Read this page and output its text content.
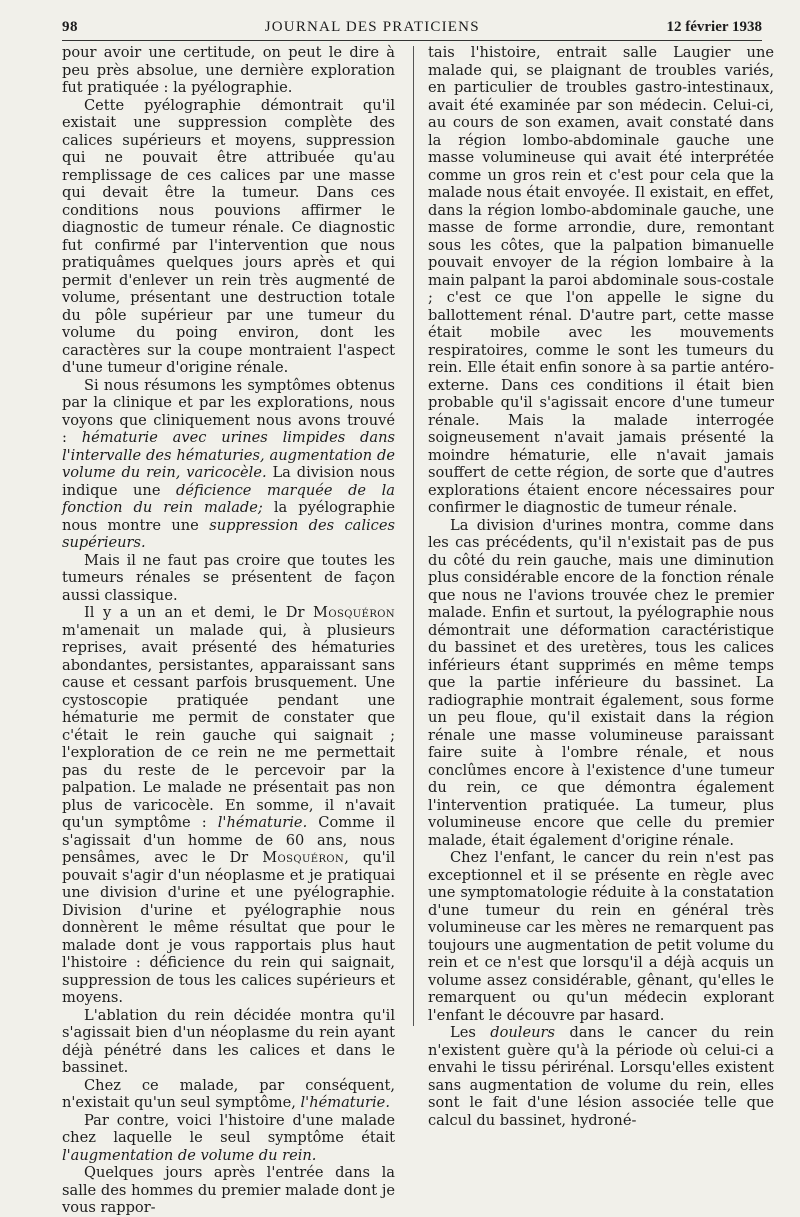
98	JOURNAL DES PRATICIENS	12 février 1938

pour avoir une certitude, on peut le dire à peu près absolue, une dernière exploration fut pratiquée : la pyélographie.

Cette pyélographie démontrait qu'il existait une suppression complète des calices supérieurs et moyens, suppression qui ne pouvait être attribuée qu'au remplissage de ces calices par une masse qui devait être la tumeur. Dans ces conditions nous pouvions affirmer le diagnostic de tumeur rénale. Ce diagnostic fut confirmé par l'intervention que nous pratiquâmes quelques jours après et qui permit d'enlever un rein très augmenté de volume, présentant une destruction totale du pôle supérieur par une tumeur du volume du poing environ, dont les caractères sur la coupe montraient l'aspect d'une tumeur d'origine rénale.

Si nous résumons les symptômes obtenus par la clinique et par les explorations, nous voyons que cliniquement nous avons trouvé : hématurie avec urines limpides dans l'intervalle des hématuries, augmentation de volume du rein, varicocèle. La division nous indique une déficience marquée de la fonction du rein malade; la pyélographie nous montre une suppression des calices supérieurs.

Mais il ne faut pas croire que toutes les tumeurs rénales se présentent de façon aussi classique.

Il y a un an et demi, le Dr Mosquéron m'amenait un malade qui, à plusieurs reprises, avait présenté des hématuries abondantes, persistantes, apparaissant sans cause et cessant parfois brusquement. Une cystoscopie pratiquée pendant une hématurie me permit de constater que c'était le rein gauche qui saignait ; l'exploration de ce rein ne me permettait pas du reste de le percevoir par la palpation. Le malade ne présentait pas non plus de varicocèle. En somme, il n'avait qu'un symptôme : l'hématurie. Comme il s'agissait d'un homme de 60 ans, nous pensâmes, avec le Dr Mosquéron, qu'il pouvait s'agir d'un néoplasme et je pratiquai une division d'urine et une pyélographie. Division d'urine et pyélographie nous donnèrent le même résultat que pour le malade dont je vous rapportais plus haut l'histoire : déficience du rein qui saignait, suppression de tous les calices supérieurs et moyens.

L'ablation du rein décidée montra qu'il s'agissait bien d'un néoplasme du rein ayant déjà pénétré dans les calices et dans le bassinet.

Chez ce malade, par conséquent, n'existait qu'un seul symptôme, l'hématurie.

Par contre, voici l'histoire d'une malade chez laquelle le seul symptôme était l'augmentation de volume du rein.

Quelques jours après l'entrée dans la salle des hommes du premier malade dont je vous rappor-

tais l'histoire, entrait salle Laugier une malade qui, se plaignant de troubles variés, en particulier de troubles gastro-intestinaux, avait été examinée par son médecin. Celui-ci, au cours de son examen, avait constaté dans la région lombo-abdominale gauche une masse volumineuse qui avait été interprétée comme un gros rein et c'est pour cela que la malade nous était envoyée. Il existait, en effet, dans la région lombo-abdominale gauche, une masse de forme arrondie, dure, remontant sous les côtes, que la palpation bimanuelle pouvait envoyer de la région lombaire à la main palpant la paroi abdominale sous-costale ; c'est ce que l'on appelle le signe du ballottement rénal. D'autre part, cette masse était mobile avec les mouvements respiratoires, comme le sont les tumeurs du rein. Elle était enfin sonore à sa partie antéro-externe. Dans ces conditions il était bien probable qu'il s'agissait encore d'une tumeur rénale. Mais la malade interrogée soigneusement n'avait jamais présenté la moindre hématurie, elle n'avait jamais souffert de cette région, de sorte que d'autres explorations étaient encore nécessaires pour confirmer le diagnostic de tumeur rénale.

La division d'urines montra, comme dans les cas précédents, qu'il n'existait pas de pus du côté du rein gauche, mais une diminution plus considérable encore de la fonction rénale que nous ne l'avions trouvée chez le premier malade. Enfin et surtout, la pyélographie nous démontrait une déformation caractéristique du bassinet et des uretères, tous les calices inférieurs étant supprimés en même temps que la partie inférieure du bassinet. La radiographie montrait également, sous forme un peu floue, qu'il existait dans la région rénale une masse volumineuse paraissant faire suite à l'ombre rénale, et nous conclûmes encore à l'existence d'une tumeur du rein, ce que démontra également l'intervention pratiquée. La tumeur, plus volumineuse encore que celle du premier malade, était également d'origine rénale.

Chez l'enfant, le cancer du rein n'est pas exceptionnel et il se présente en règle avec une symptomatologie réduite à la constatation d'une tumeur du rein en général très volumineuse car les mères ne remarquent pas toujours une augmentation de petit volume du rein et ce n'est que lorsqu'il a déjà acquis un volume assez considérable, gênant, qu'elles le remarquent ou qu'un médecin explorant l'enfant le découvre par hasard.

Les douleurs dans le cancer du rein n'existent guère qu'à la période où celui-ci a envahi le tissu périrénal. Lorsqu'elles existent sans augmentation de volume du rein, elles sont le fait d'une lésion associée telle que calcul du bassinet, hydroné-
